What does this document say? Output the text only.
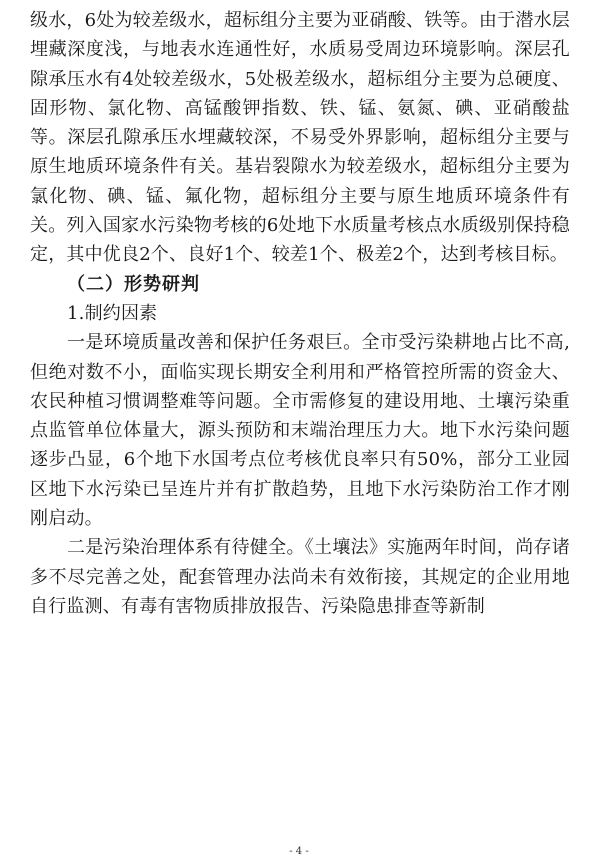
级水，6处为较差级水，超标组分主要为亚硝酸、铁等。由于潜水层埋藏深度浅，与地表水连通性好，水质易受周边环境影响。深层孔隙承压水有4处较差级水，5处极差级水，超标组分主要为总硬度、固形物、氯化物、高锰酸钾指数、铁、锰、氨氮、碘、亚硝酸盐等。深层孔隙承压水埋藏较深，不易受外界影响，超标组分主要与原生地质环境条件有关。基岩裂隙水为较差级水，超标组分主要为氯化物、碘、锰、氟化物，超标组分主要与原生地质环境条件有关。列入国家水污染物考核的6处地下水质量考核点水质级别保持稳定，其中优良2个、良好1个、较差1个、极差2个，达到考核目标。

（二）形势研判

1.制约因素

一是环境质量改善和保护任务艰巨。全市受污染耕地占比不高,但绝对数不小，面临实现长期安全利用和严格管控所需的资金大、农民种植习惯调整难等问题。全市需修复的建设用地、土壤污染重点监管单位体量大，源头预防和末端治理压力大。地下水污染问题逐步凸显，6个地下水国考点位考核优良率只有50%，部分工业园区地下水污染已呈连片并有扩散趋势，且地下水污染防治工作才刚刚启动。

二是污染治理体系有待健全。《土壤法》实施两年时间，尚存诸多不尽完善之处，配套管理办法尚未有效衔接，其规定的企业用地自行监测、有毒有害物质排放报告、污染隐患排查等新制

- 4 -
